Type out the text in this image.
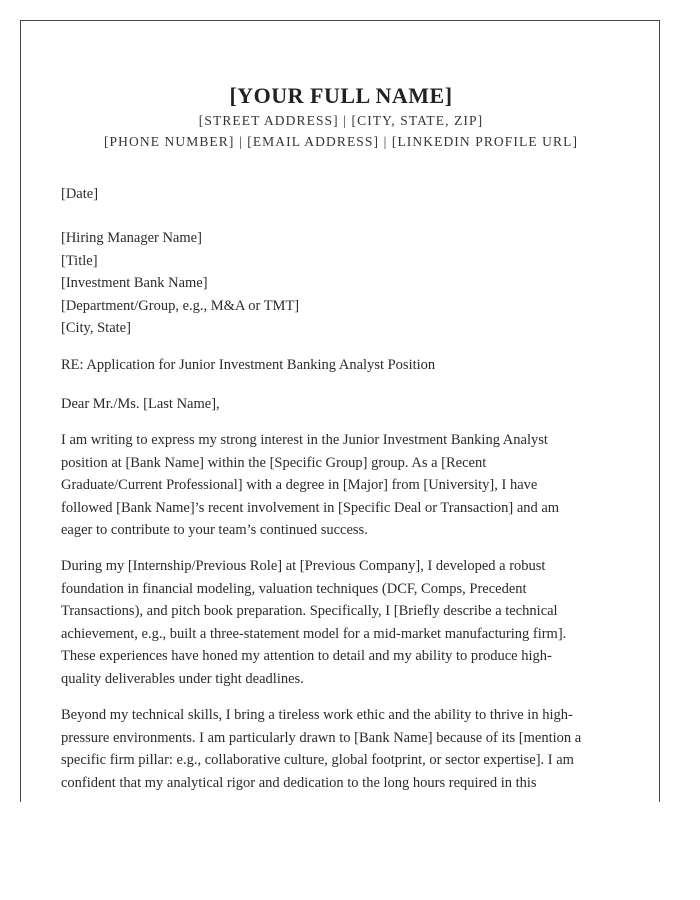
[YOUR FULL NAME]
[STREET ADDRESS] | [CITY, STATE, ZIP]
[PHONE NUMBER] | [EMAIL ADDRESS] | [LINKEDIN PROFILE URL]
[Date]
[Hiring Manager Name]
[Title]
[Investment Bank Name]
[Department/Group, e.g., M&A or TMT]
[City, State]
RE: Application for Junior Investment Banking Analyst Position
Dear Mr./Ms. [Last Name],
I am writing to express my strong interest in the Junior Investment Banking Analyst
position at [Bank Name] within the [Specific Group] group. As a [Recent
Graduate/Current Professional] with a degree in [Major] from [University], I have
followed [Bank Name]’s recent involvement in [Specific Deal or Transaction] and am
eager to contribute to your team’s continued success.
During my [Internship/Previous Role] at [Previous Company], I developed a robust
foundation in financial modeling, valuation techniques (DCF, Comps, Precedent
Transactions), and pitch book preparation. Specifically, I [Briefly describe a technical
achievement, e.g., built a three-statement model for a mid-market manufacturing firm].
These experiences have honed my attention to detail and my ability to produce high-
quality deliverables under tight deadlines.
Beyond my technical skills, I bring a tireless work ethic and the ability to thrive in high-
pressure environments. I am particularly drawn to [Bank Name] because of its [mention a
specific firm pillar: e.g., collaborative culture, global footprint, or sector expertise]. I am
confident that my analytical rigor and dedication to the long hours required in this
